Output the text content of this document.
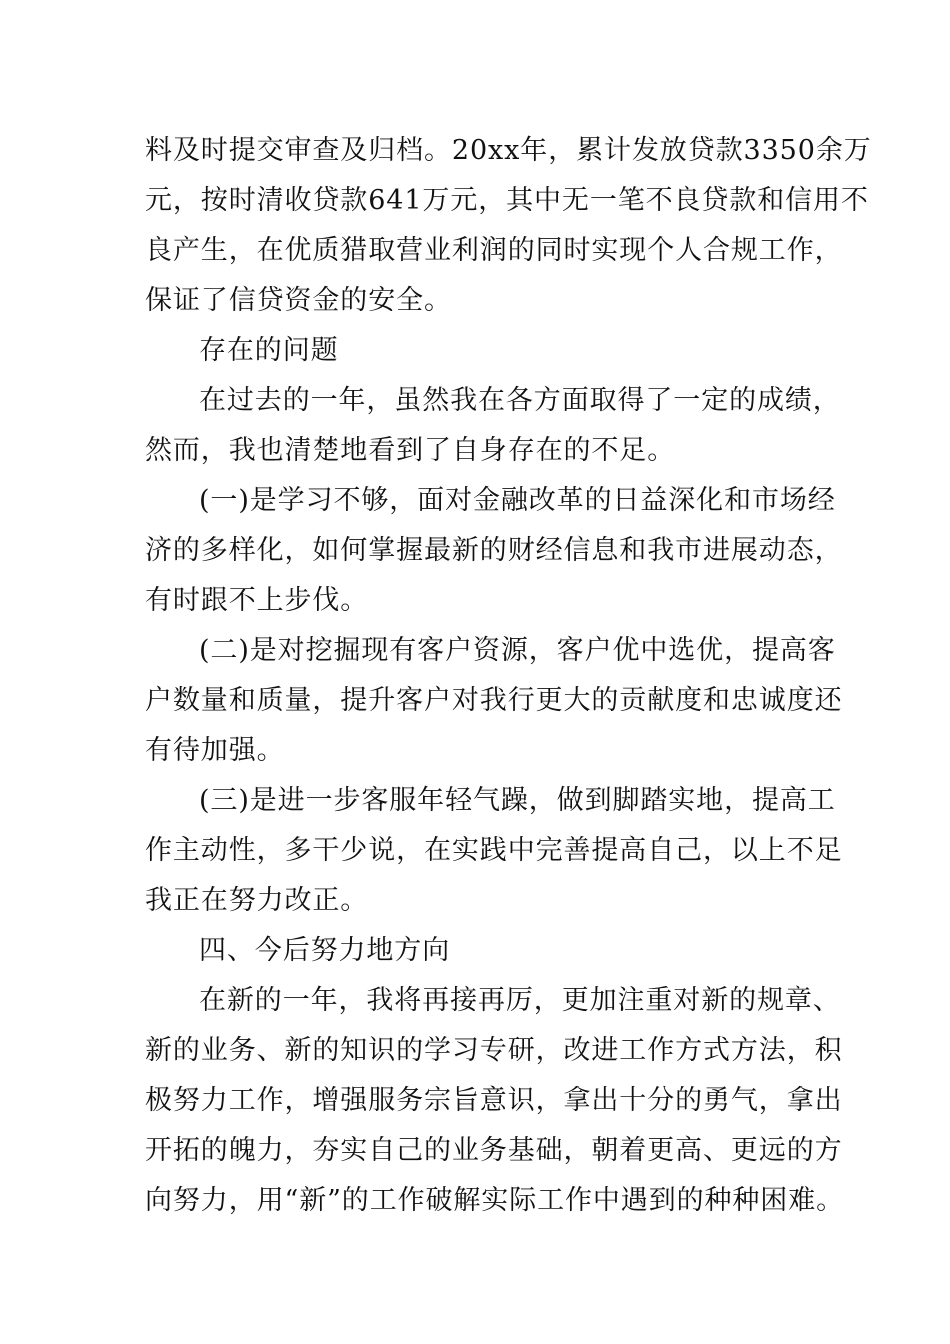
料及时提交审查及归档。20xx年，累计发放贷款3350余万
元，按时清收贷款641万元，其中无一笔不良贷款和信用不
良产生，在优质猎取营业利润的同时实现个人合规工作，
保证了信贷资金的安全。

存在的问题

在过去的一年，虽然我在各方面取得了一定的成绩，
然而，我也清楚地看到了自身存在的不足。

(一)是学习不够，面对金融改革的日益深化和市场经
济的多样化，如何掌握最新的财经信息和我市进展动态，
有时跟不上步伐。

(二)是对挖掘现有客户资源，客户优中选优，提高客
户数量和质量，提升客户对我行更大的贡献度和忠诚度还
有待加强。

(三)是进一步客服年轻气躁，做到脚踏实地，提高工
作主动性，多干少说，在实践中完善提高自己，以上不足
我正在努力改正。

四、今后努力地方向

在新的一年，我将再接再厉，更加注重对新的规章、
新的业务、新的知识的学习专研，改进工作方式方法，积
极努力工作，增强服务宗旨意识，拿出十分的勇气，拿出
开拓的魄力，夯实自己的业务基础，朝着更高、更远的方
向努力，用“新”的工作破解实际工作中遇到的种种困难。
